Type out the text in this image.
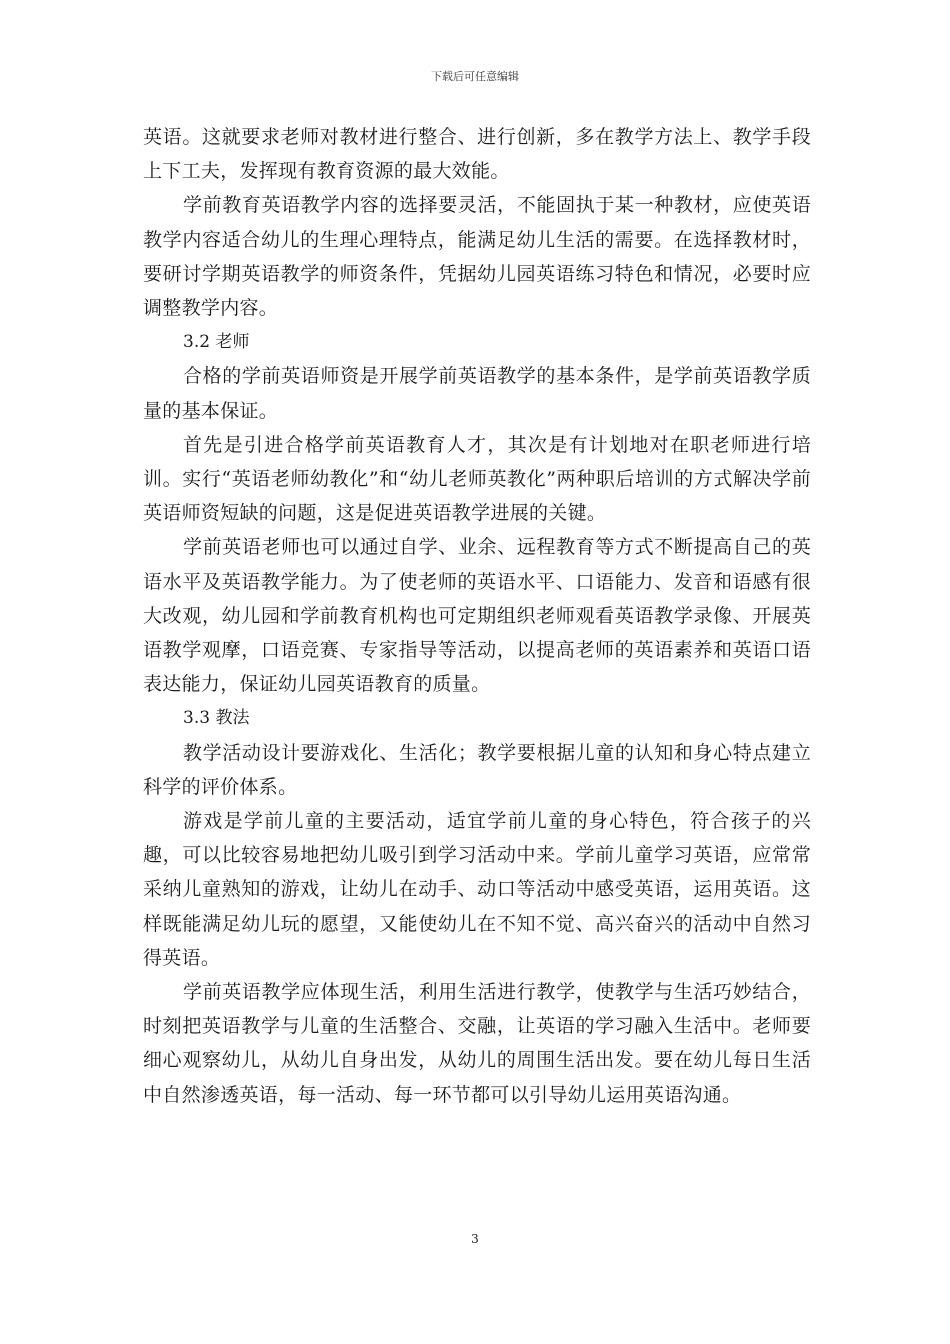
下载后可任意编辑

英语。这就要求老师对教材进行整合、进行创新，多在教学方法上、教学手段上下工夫，发挥现有教育资源的最大效能。

学前教育英语教学内容的选择要灵活，不能固执于某一种教材，应使英语教学内容适合幼儿的生理心理特点，能满足幼儿生活的需要。在选择教材时，要研讨学期英语教学的师资条件，凭据幼儿园英语练习特色和情况，必要时应调整教学内容。

3.2 老师

合格的学前英语师资是开展学前英语教学的基本条件，是学前英语教学质量的基本保证。

首先是引进合格学前英语教育人才，其次是有计划地对在职老师进行培训。实行“英语老师幼教化”和“幼儿老师英教化”两种职后培训的方式解决学前英语师资短缺的问题，这是促进英语教学进展的关键。

学前英语老师也可以通过自学、业余、远程教育等方式不断提高自己的英语水平及英语教学能力。为了使老师的英语水平、口语能力、发音和语感有很大改观，幼儿园和学前教育机构也可定期组织老师观看英语教学录像、开展英语教学观摩，口语竞赛、专家指导等活动，以提高老师的英语素养和英语口语表达能力，保证幼儿园英语教育的质量。

3.3 教法

教学活动设计要游戏化、生活化；教学要根据儿童的认知和身心特点建立科学的评价体系。

游戏是学前儿童的主要活动，适宜学前儿童的身心特色，符合孩子的兴趣，可以比较容易地把幼儿吸引到学习活动中来。学前儿童学习英语，应常常采纳儿童熟知的游戏，让幼儿在动手、动口等活动中感受英语，运用英语。这样既能满足幼儿玩的愿望，又能使幼儿在不知不觉、高兴奋兴的活动中自然习得英语。

学前英语教学应体现生活，利用生活进行教学，使教学与生活巧妙结合，时刻把英语教学与儿童的生活整合、交融，让英语的学习融入生活中。老师要细心观察幼儿，从幼儿自身出发，从幼儿的周围生活出发。要在幼儿每日生活中自然渗透英语，每一活动、每一环节都可以引导幼儿运用英语沟通。

3
